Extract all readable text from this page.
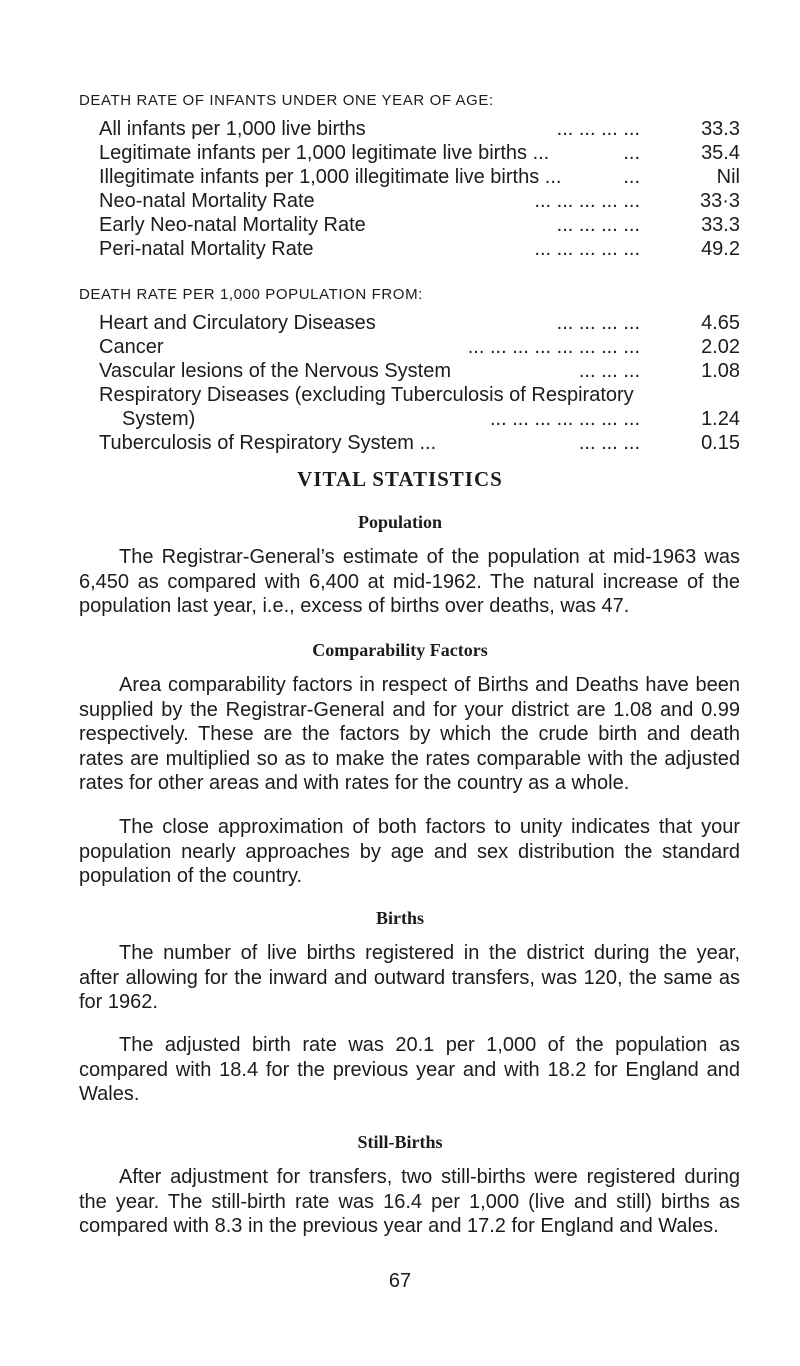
DEATH RATE OF INFANTS UNDER ONE YEAR OF AGE:
All infants per 1,000 live births	... ... ... ...	33.3
Legitimate infants per 1,000 legitimate live births ...	...	35.4
Illegitimate infants per 1,000 illegitimate live births ...	...	Nil
Neo-natal Mortality Rate	... ... ... ... ...	33·3
Early Neo-natal Mortality Rate	... ... ... ...	33.3
Peri-natal Mortality Rate	... ... ... ... ...	49.2
DEATH RATE PER 1,000 POPULATION FROM:
Heart and Circulatory Diseases	... ... ... ...	4.65
Cancer	... ... ... ... ... ... ... ...	2.02
Vascular lesions of the Nervous System	... ... ...	1.08
Respiratory Diseases (excluding Tuberculosis of Respiratory
System)	... ... ... ... ... ... ...	1.24
Tuberculosis of Respiratory System ...	... ... ...	0.15
VITAL STATISTICS
Population
The Registrar-General’s estimate of the population at mid-1963 was 6,450 as compared with 6,400 at mid-1962. The natural increase of the population last year, i.e., excess of births over deaths, was 47.
Comparability Factors
Area comparability factors in respect of Births and Deaths have been supplied by the Registrar-General and for your district are 1.08 and 0.99 respectively. These are the factors by which the crude birth and death rates are multiplied so as to make the rates comparable with the adjusted rates for other areas and with rates for the country as a whole.
The close approximation of both factors to unity indicates that your population nearly approaches by age and sex distribution the standard population of the country.
Births
The number of live births registered in the district during the year, after allowing for the inward and outward transfers, was 120, the same as for 1962.
The adjusted birth rate was 20.1 per 1,000 of the population as compared with 18.4 for the previous year and with 18.2 for England and Wales.
Still-Births
After adjustment for transfers, two still-births were registered during the year. The still-birth rate was 16.4 per 1,000 (live and still) births as compared with 8.3 in the previous year and 17.2 for England and Wales.
67
